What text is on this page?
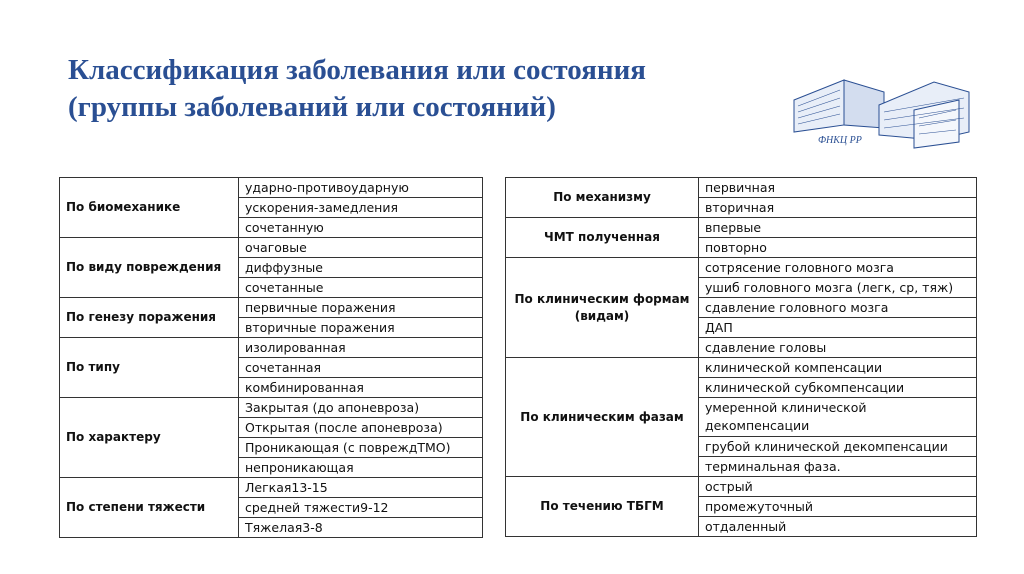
Классификация заболевания или состояния
(группы заболеваний или состояний)
ФНКЦ РР
По биомеханике	ударно-противоударную
	ускорения-замедления
	сочетанную
По виду повреждения	очаговые
	диффузные
	сочетанные
По генезу поражения	первичные поражения
	вторичные поражения
По типу	изолированная
	сочетанная
	комбинированная
По характеру	Закрытая (до апоневроза)
	Открытая (после апоневроза)
	Проникающая (с повреждТМО)
	непроникающая
По степени тяжести	Легкая13-15
	средней тяжести9-12
	Тяжелая3-8
По механизму	первичная
	вторичная
ЧМТ полученная	впервые
	повторно
По клиническим формам (видам)	сотрясение головного мозга
	ушиб головного мозга (легк, ср, тяж)
	сдавление головного мозга
	ДАП
	сдавление головы
По клиническим фазам	клинической компенсации
	клинической субкомпенсации
	умеренной клинической декомпенсации
	грубой клинической декомпенсации
	терминальная фаза.
По течению ТБГМ	острый
	промежуточный
	отдаленный
